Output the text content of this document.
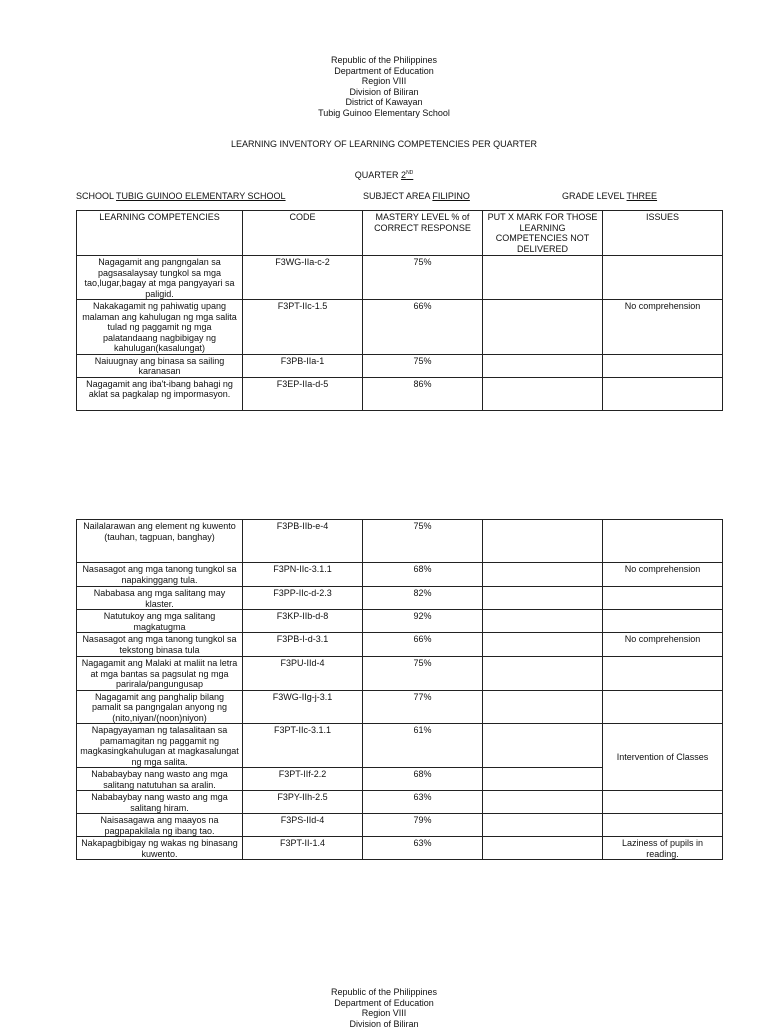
Republic of the Philippines
Department of Education
Region VIII
Division of Biliran
District of Kawayan
Tubig Guinoo Elementary School
LEARNING INVENTORY OF LEARNING COMPETENCIES PER QUARTER
QUARTER 2ND
SCHOOL TUBIG GUINOO ELEMENTARY SCHOOL	SUBJECT AREA FILIPINO	GRADE LEVEL THREE
LEARNING COMPETENCIES	CODE	MASTERY LEVEL % of CORRECT RESPONSE	PUT X MARK FOR THOSE LEARNING COMPETENCIES NOT DELIVERED	ISSUES
Nagagamit ang pangngalan sa pagsasalaysay tungkol sa mga tao,lugar,bagay at mga pangyayari sa paligid.	F3WG-IIa-c-2	75%		
Nakakagamit ng pahiwatig upang malaman ang kahulugan ng mga salita tulad ng paggamit ng mga palatandaang nagbibigay ng kahulugan(kasalungat)	F3PT-IIc-1.5	66%		No comprehension
Naiuugnay ang binasa sa sailing karanasan	F3PB-IIa-1	75%		
Nagagamit ang iba't-ibang bahagi ng aklat sa pagkalap ng impormasyon.	F3EP-IIa-d-5	86%		
Nailalarawan ang element ng kuwento (tauhan, tagpuan, banghay)	F3PB-IIb-e-4	75%		
Nasasagot ang mga tanong tungkol sa napakinggang tula.	F3PN-IIc-3.1.1	68%		No comprehension
Nababasa ang mga salitang may klaster.	F3PP-IIc-d-2.3	82%		
Natutukoy ang mga salitang magkatugma	F3KP-IIb-d-8	92%		
Nasasagot ang mga tanong tungkol sa tekstong binasa tula	F3PB-I-d-3.1	66%		No comprehension
Nagagamit ang Malaki at maliit na letra at mga bantas sa pagsulat ng mga parirala/pangungusap	F3PU-IId-4	75%		
Nagagamit ang panghalip bilang pamalit sa pangngalan anyong ng (nito,niyan/(noon)niyon)	F3WG-IIg-j-3.1	77%		
Napagyayaman ng talasalitaan sa pamamagitan ng paggamit ng magkasingkahulugan at magkasalungat ng mga salita.	F3PT-IIc-3.1.1	61%		Intervention of Classes
Nababaybay nang wasto ang mga salitang natutuhan sa aralin.	F3PT-IIf-2.2	68%		
Nababaybay nang wasto ang mga salitang hiram.	F3PY-IIh-2.5	63%		
Naisasagawa ang maayos na pagpapakilala ng ibang tao.	F3PS-IId-4	79%		
Nakapagbibigay ng wakas ng binasang kuwento.	F3PT-II-1.4	63%		Laziness of pupils in reading.
Republic of the Philippines
Department of Education
Region VIII
Division of Biliran
